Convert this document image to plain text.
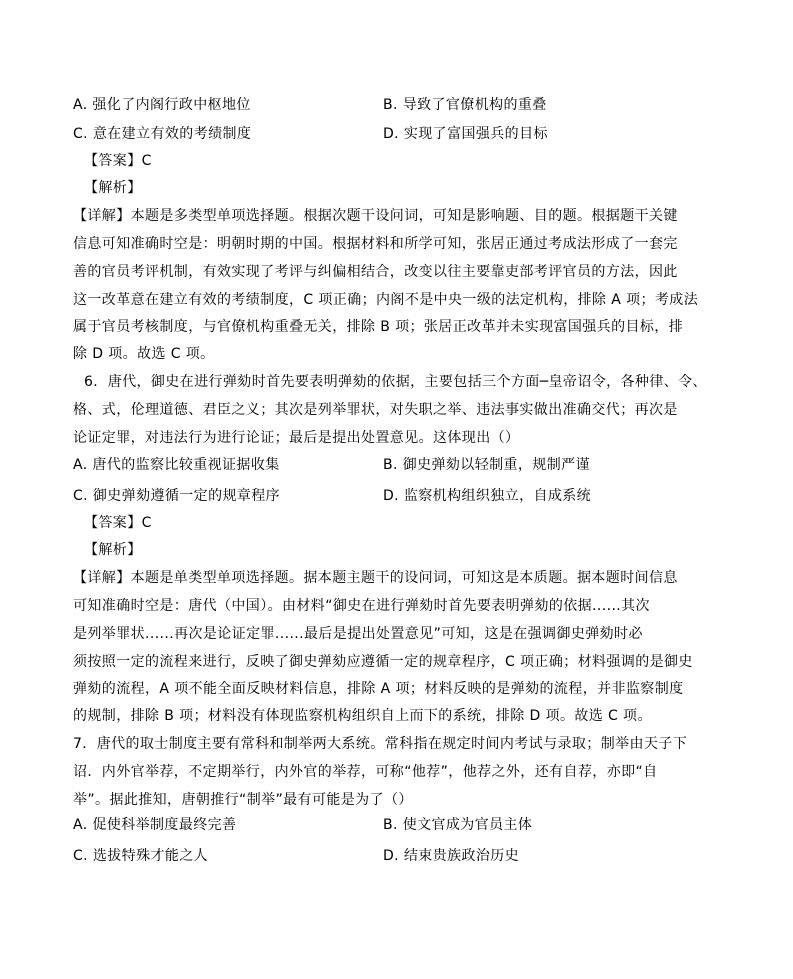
A. 强化了内阁行政中枢地位	B. 导致了官僚机构的重叠
C. 意在建立有效的考绩制度	D. 实现了富国强兵的目标
【答案】C
【解析】
【详解】本题是多类型单项选择题。根据次题干设问词，可知是影响题、目的题。根据题干关键
信息可知准确时空是：明朝时期的中国。根据材料和所学可知，张居正通过考成法形成了一套完
善的官员考评机制，有效实现了考评与纠偏相结合，改变以往主要靠吏部考评官员的方法，因此
这一改革意在建立有效的考绩制度，C 项正确；内阁不是中央一级的法定机构，排除 A 项；考成法
属于官员考核制度，与官僚机构重叠无关，排除 B 项；张居正改革并未实现富国强兵的目标，排
除 D 项。故选 C 项。
6．唐代，御史在进行弹劾时首先要表明弹劾的依据，主要包括三个方面─皇帝诏令，各种律、令、
格、式，伦理道德、君臣之义；其次是列举罪状，对失职之举、违法事实做出准确交代；再次是
论证定罪，对违法行为进行论证；最后是提出处置意见。这体现出（）
A. 唐代的监察比较重视证据收集	B. 御史弹劾以轻制重，规制严谨
C. 御史弹劾遵循一定的规章程序	D. 监察机构组织独立，自成系统
【答案】C
【解析】
【详解】本题是单类型单项选择题。据本题主题干的设问词，可知这是本质题。据本题时间信息
可知准确时空是：唐代（中国）。由材料“御史在进行弹劾时首先要表明弹劾的依据......其次
是列举罪状......再次是论证定罪......最后是提出处置意见”可知，这是在强调御史弹劾时必
须按照一定的流程来进行，反映了御史弹劾应遵循一定的规章程序，C 项正确；材料强调的是御史
弹劾的流程，A 项不能全面反映材料信息，排除 A 项；材料反映的是弹劾的流程，并非监察制度
的规制，排除 B 项；材料没有体现监察机构组织自上而下的系统，排除 D 项。故选 C 项。
7．唐代的取士制度主要有常科和制举两大系统。常科指在规定时间内考试与录取；制举由天子下
诏．内外官举荐，不定期举行，内外官的举荐，可称“他荐”，他荐之外，还有自荐，亦即“自
举”。据此推知，唐朝推行“制举”最有可能是为了（）
A. 促使科举制度最终完善	B. 使文官成为官员主体
C. 选拔特殊才能之人	D. 结束贵族政治历史
